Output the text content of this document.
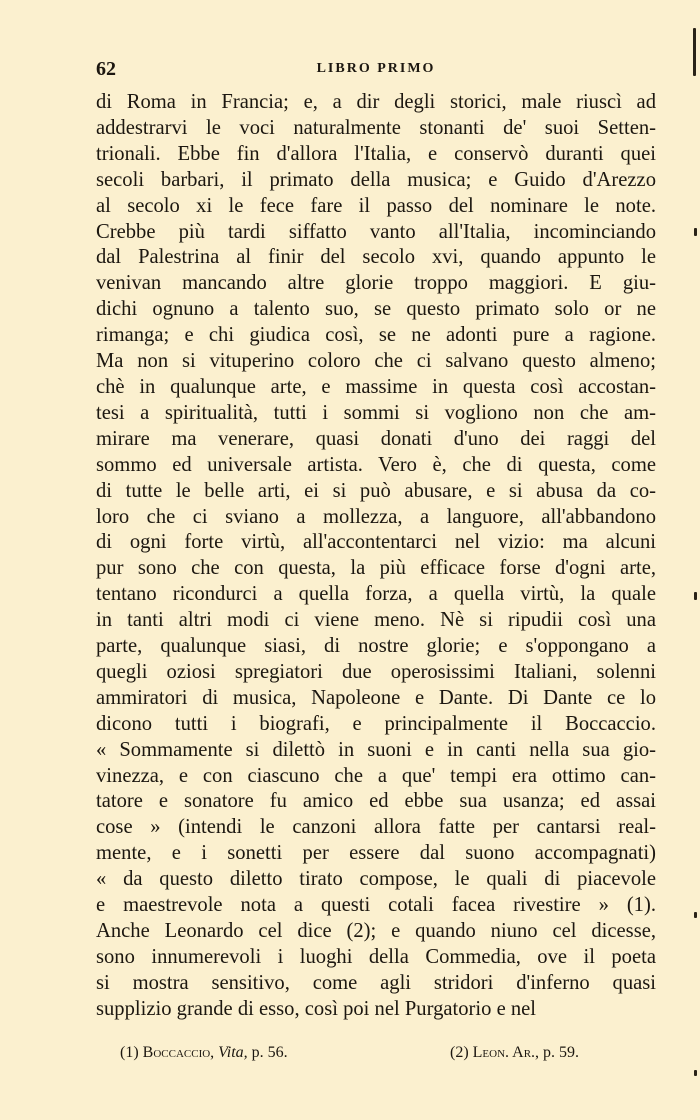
62	LIBRO PRIMO
di Roma in Francia; e, a dir degli storici, male riuscì ad
addestrarvi le voci naturalmente stonanti de' suoi Setten-
trionali. Ebbe fin d'allora l'Italia, e conservò duranti quei
secoli barbari, il primato della musica; e Guido d'Arezzo
al secolo xi le fece fare il passo del nominare le note.
Crebbe più tardi siffatto vanto all'Italia, incominciando
dal Palestrina al finir del secolo xvi, quando appunto le
venivan mancando altre glorie troppo maggiori. E giu-
dichi ognuno a talento suo, se questo primato solo or ne
rimanga; e chi giudica così, se ne adonti pure a ragione.
Ma non si vituperino coloro che ci salvano questo almeno;
chè in qualunque arte, e massime in questa così accostan-
tesi a spiritualità, tutti i sommi si vogliono non che am-
mirare ma venerare, quasi donati d'uno dei raggi del
sommo ed universale artista. Vero è, che di questa, come
di tutte le belle arti, ei si può abusare, e si abusa da co-
loro che ci sviano a mollezza, a languore, all'abbandono
di ogni forte virtù, all'accontentarci nel vizio: ma alcuni
pur sono che con questa, la più efficace forse d'ogni arte,
tentano ricondurci a quella forza, a quella virtù, la quale
in tanti altri modi ci viene meno. Nè si ripudii così una
parte, qualunque siasi, di nostre glorie; e s'oppongano a
quegli oziosi spregiatori due operosissimi Italiani, solenni
ammiratori di musica, Napoleone e Dante. Di Dante ce lo
dicono tutti i biografi, e principalmente il Boccaccio.
« Sommamente si dilettò in suoni e in canti nella sua gio-
vinezza, e con ciascuno che a que' tempi era ottimo can-
tatore e sonatore fu amico ed ebbe sua usanza; ed assai
cose » (intendi le canzoni allora fatte per cantarsi real-
mente, e i sonetti per essere dal suono accompagnati)
« da questo diletto tirato compose, le quali di piacevole
e maestrevole nota a questi cotali facea rivestire » (1).
Anche Leonardo cel dice (2); e quando niuno cel dicesse,
sono innumerevoli i luoghi della Commedia, ove il poeta
si mostra sensitivo, come agli stridori d'inferno quasi
supplizio grande di esso, così poi nel Purgatorio e nel
(1) Boccaccio, Vita, p. 56.	(2) Leon. Ar., p. 59.
